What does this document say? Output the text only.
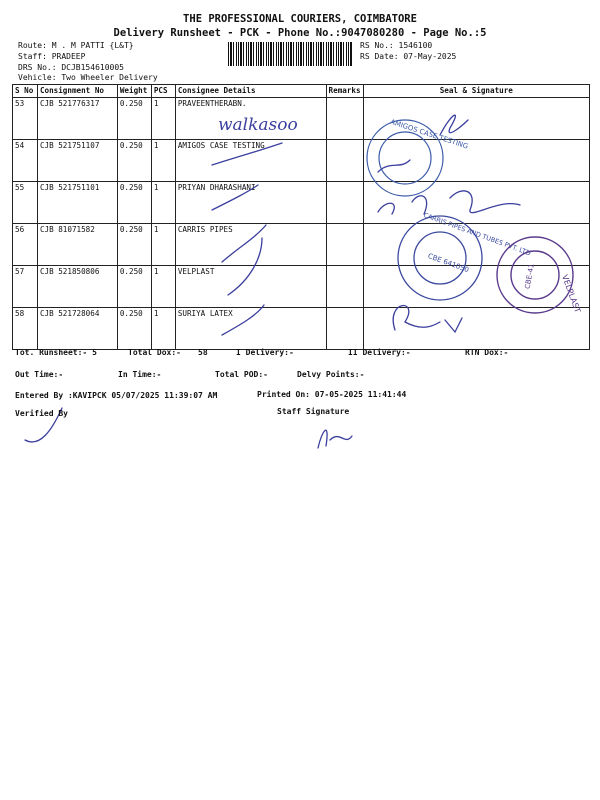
THE PROFESSIONAL COURIERS, COIMBATORE
Delivery Runsheet - PCK - Phone No.:9047080280 - Page No.:5
Route: M . M PATTI {L&T}
Staff: PRADEEP
DRS No.: DCJB154610005
Vehicle: Two Wheeler Delivery
RS No.: 1546100
RS Date: 07-May-2025
S No	Consignment No	Weight	PCS	Consignee Details	Remarks	Seal & Signature
53	CJB 521776317	0.250	1	PRAVEENTHERABN.		
54	CJB 521751107	0.250	1	AMIGOS CASE TESTING		
55	CJB 521751101	0.250	1	PRIYAN DHARASHANI		
56	CJB 81071582	0.250	1	CARRIS PIPES		
57	CJB 521850806	0.250	1	VELPLAST		
58	CJB 521728064	0.250	1	SURIYA LATEX		
walkasoo	AMIGOS CASE TESTING
CARRIS PIPES AND TUBES PVT. LTD
CBE 641050
VELPLAST
CBE-41
Tot. Runsheet:- 5	Total Dox:- 58	I Delivery:-	II Delivery:-	RTN Dox:-
Out Time:-	In Time:-	Total POD:-	Delvy Points:-
Entered By :KAVIPCK 05/07/2025 11:39:07 AM	Printed On: 07-05-2025 11:41:44
Verified By	Staff Signature
